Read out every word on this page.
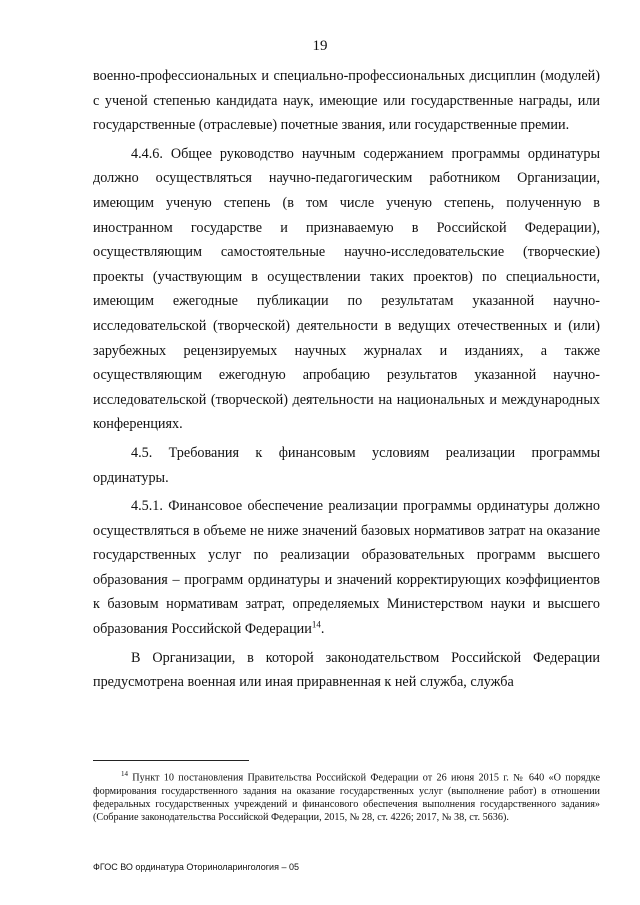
19

военно-профессиональных и специально-профессиональных дисциплин (модулей) с ученой степенью кандидата наук, имеющие или государственные награды, или государственные (отраслевые) почетные звания, или государственные премии.

4.4.6. Общее руководство научным содержанием программы ординатуры должно осуществляться научно-педагогическим работником Организации, имеющим ученую степень (в том числе ученую степень, полученную в иностранном государстве и признаваемую в Российской Федерации), осуществляющим самостоятельные научно-исследовательские (творческие) проекты (участвующим в осуществлении таких проектов) по специальности, имеющим ежегодные публикации по результатам указанной научно-исследовательской (творческой) деятельности в ведущих отечественных и (или) зарубежных рецензируемых научных журналах и изданиях, а также осуществляющим ежегодную апробацию результатов указанной научно-исследовательской (творческой) деятельности на национальных и международных конференциях.

4.5. Требования к финансовым условиям реализации программы ординатуры.

4.5.1. Финансовое обеспечение реализации программы ординатуры должно осуществляться в объеме не ниже значений базовых нормативов затрат на оказание государственных услуг по реализации образовательных программ высшего образования – программ ординатуры и значений корректирующих коэффициентов к базовым нормативам затрат, определяемых Министерством науки и высшего образования Российской Федерации$^{14}$.

В Организации, в которой законодательством Российской Федерации предусмотрена военная или иная приравненная к ней служба, служба

$^{14}$ Пункт 10 постановления Правительства Российской Федерации от 26 июня 2015 г. № 640 «О порядке формирования государственного задания на оказание государственных услуг (выполнение работ) в отношении федеральных государственных учреждений и финансового обеспечения выполнения государственного задания» (Собрание законодательства Российской Федерации, 2015, № 28, ст. 4226; 2017, № 38, ст. 5636).
ФГОС ВО ординатура Оториноларингология – 05
